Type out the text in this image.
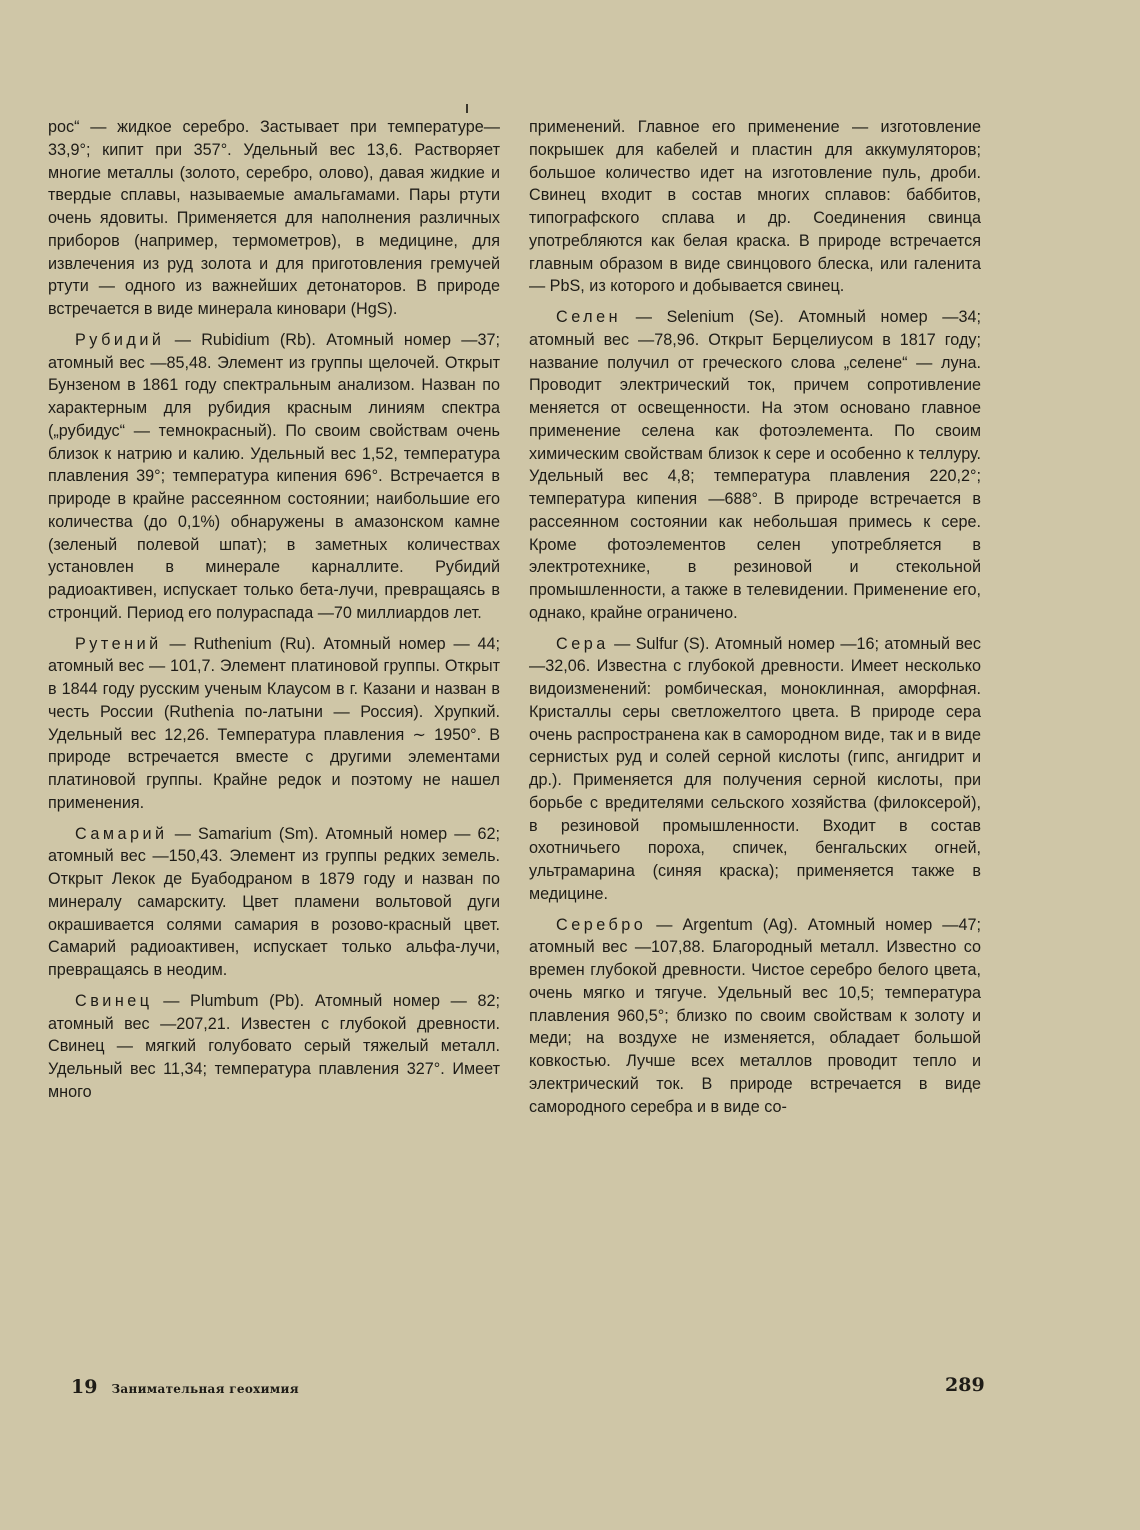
рос“ — жидкое серебро. Застывает при температуре—33,9°; кипит при 357°. Удельный вес 13,6. Растворяет многие металлы (золото, серебро, олово), давая жидкие и твердые сплавы, называемые амальгамами. Пары ртути очень ядовиты. Применяется для наполнения различных приборов (например, термометров), в медицине, для извлечения из руд золота и для приготовления гремучей ртути — одного из важнейших детонаторов. В природе встречается в виде минерала киновари (HgS).

Рубидий — Rubidium (Rb). Атомный номер —37; атомный вес —85,48. Элемент из группы щелочей. Открыт Бунзеном в 1861 году спектральным анализом. Назван по характерным для рубидия красным линиям спектра („рубидус“ — темнокрасный). По своим свойствам очень близок к натрию и калию. Удельный вес 1,52, температура плавления 39°; температура кипения 696°. Встречается в природе в крайне рассеянном состоянии; наибольшие его количества (до 0,1%) обнаружены в амазонском камне (зеленый полевой шпат); в заметных количествах установлен в минерале карналлите. Рубидий радиоактивен, испускает только бета-лучи, превращаясь в стронций. Период его полураспада —70 миллиардов лет.

Рутений — Ruthenium (Ru). Атомный номер — 44; атомный вес — 101,7. Элемент платиновой группы. Открыт в 1844 году русским ученым Клаусом в г. Казани и назван в честь России (Ruthenia по-латыни — Россия). Хрупкий. Удельный вес 12,26. Температура плавления ∼ 1950°. В природе встречается вместе с другими элементами платиновой группы. Крайне редок и поэтому не нашел применения.

Самарий — Samarium (Sm). Атомный номер — 62; атомный вес —150,43. Элемент из группы редких земель. Открыт Лекок де Буабодраном в 1879 году и назван по минералу самарскиту. Цвет пламени вольтовой дуги окрашивается солями самария в розово-красный цвет. Самарий радиоактивен, испускает только альфа-лучи, превращаясь в неодим.

Свинец — Plumbum (Pb). Атомный номер — 82; атомный вес —207,21. Известен с глубокой древности. Свинец — мягкий голубовато серый тяжелый металл. Удельный вес 11,34; температура плавления 327°. Имеет много

применений. Главное его применение — изготовление покрышек для кабелей и пластин для аккумуляторов; большое количество идет на изготовление пуль, дроби. Свинец входит в состав многих сплавов: баббитов, типографского сплава и др. Соединения свинца употребляются как белая краска. В природе встречается главным образом в виде свинцового блеска, или галенита — PbS, из которого и добывается свинец.

Селен — Selenium (Se). Атомный номер —34; атомный вес —78,96. Открыт Берцелиусом в 1817 году; название получил от греческого слова „селене“ — луна. Проводит электрический ток, причем сопротивление меняется от освещенности. На этом основано главное применение селена как фотоэлемента. По своим химическим свойствам близок к сере и особенно к теллуру. Удельный вес 4,8; температура плавления 220,2°; температура кипения —688°. В природе встречается в рассеянном состоянии как небольшая примесь к сере. Кроме фотоэлементов селен употребляется в электротехнике, в резиновой и стекольной промышленности, а также в телевидении. Применение его, однако, крайне ограничено.

Сера — Sulfur (S). Атомный номер —16; атомный вес —32,06. Известна с глубокой древности. Имеет несколько видоизменений: ромбическая, моноклинная, аморфная. Кристаллы серы светложелтого цвета. В природе сера очень распространена как в самородном виде, так и в виде сернистых руд и солей серной кислоты (гипс, ангидрит и др.). Применяется для получения серной кислоты, при борьбе с вредителями сельского хозяйства (филоксерой), в резиновой промышленности. Входит в состав охотничьего пороха, спичек, бенгальских огней, ультрамарина (синяя краска); применяется также в медицине.

Серебро — Argentum (Ag). Атомный номер —47; атомный вес —107,88. Благородный металл. Известно со времен глубокой древности. Чистое серебро белого цвета, очень мягко и тягуче. Удельный вес 10,5; температура плавления 960,5°; близко по своим свойствам к золоту и меди; на воздухе не изменяется, обладает большой ковкостью. Лучше всех металлов проводит тепло и электрический ток. В природе встречается в виде самородного серебра и в виде со-

19 Занимательная геохимия	289
